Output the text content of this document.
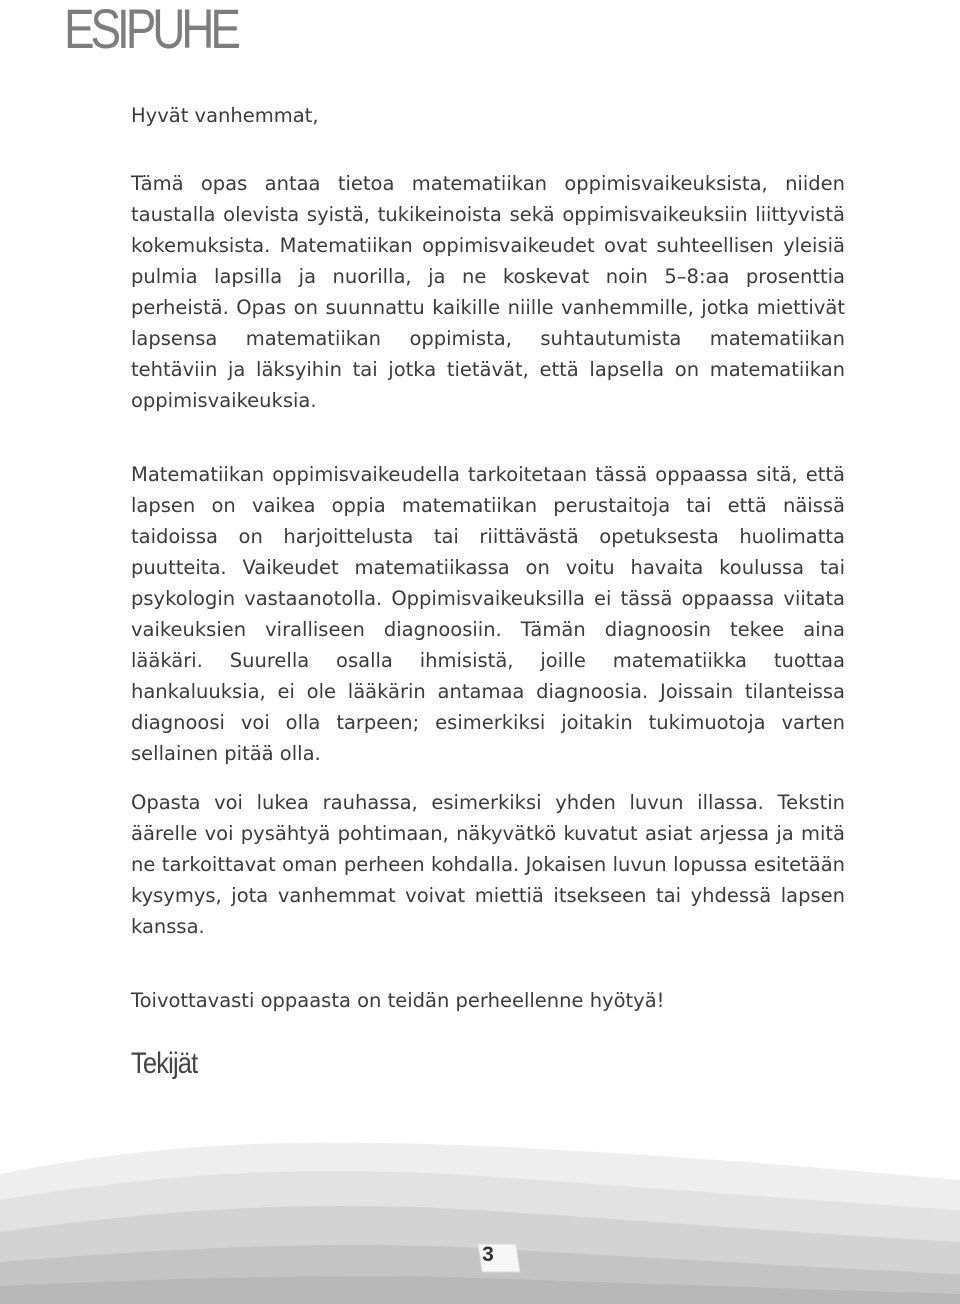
ESIPUHE

Hyvät vanhemmat,

Tämä opas antaa tietoa matematiikan oppimisvaikeuksista, niiden taustalla olevista syistä, tukikeinoista sekä oppimisvaikeuksiin liittyvistä kokemuksista. Matematiikan oppimisvaikeudet ovat suhteellisen yleisiä pulmia lapsilla ja nuorilla, ja ne koskevat noin 5–8:aa prosenttia perheistä. Opas on suunnattu kaikille niille vanhemmille, jotka miettivät lapsensa matematiikan oppimista, suhtautumista matematiikan tehtäviin ja läksyihin tai jotka tietävät, että lapsella on matematiikan oppimisvaikeuksia.

Matematiikan oppimisvaikeudella tarkoitetaan tässä oppaassa sitä, että lapsen on vaikea oppia matematiikan perustaitoja tai että näissä taidoissa on harjoittelusta tai riittävästä opetuksesta huolimatta puutteita. Vaikeudet matematiikassa on voitu havaita koulussa tai psykologin vastaanotolla. Oppimisvaikeuksilla ei tässä oppaassa viitata vaikeuksien viralliseen diagnoosiin. Tämän diagnoosin tekee aina lääkäri. Suurella osalla ihmisistä, joille matematiikka tuottaa hankaluuksia, ei ole lääkärin antamaa diagnoosia. Joissain tilanteissa diagnoosi voi olla tarpeen; esimerkiksi joitakin tukimuotoja varten sellainen pitää olla.

Opasta voi lukea rauhassa, esimerkiksi yhden luvun illassa. Tekstin äärelle voi pysähtyä pohtimaan, näkyvätkö kuvatut asiat arjessa ja mitä ne tarkoittavat oman perheen kohdalla. Jokaisen luvun lopussa esitetään kysymys, jota vanhemmat voivat miettiä itsekseen tai yhdessä lapsen kanssa.

Toivottavasti oppaasta on teidän perheellenne hyötyä!

Tekijät
3
